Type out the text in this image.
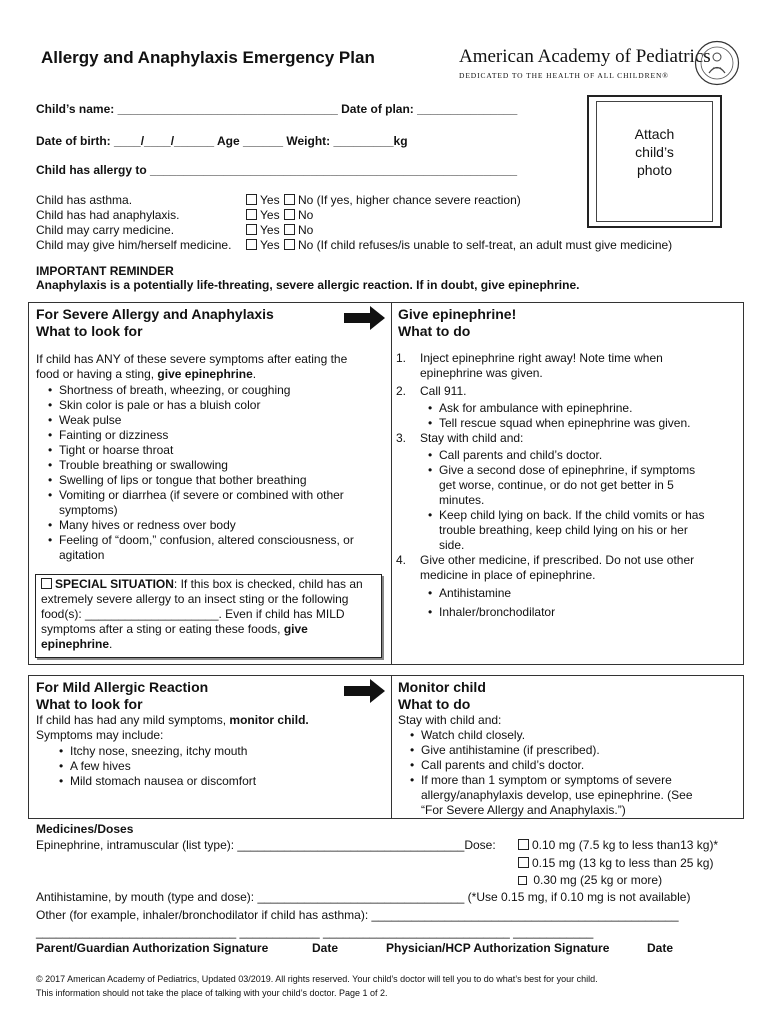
Allergy and Anaphylaxis Emergency Plan	American Academy of Pediatrics
DEDICATED TO THE HEALTH OF ALL CHILDREN®
Child’s name: _________________________________ Date of plan: _______________
Date of birth: ____/____/______ Age ______ Weight: _________kg
Child has allergy to _______________________________________________________
Attach
child’s
photo
Child has asthma.	Yes	No (If yes, higher chance severe reaction)
Child has had anaphylaxis.	Yes	No
Child may carry medicine.	Yes	No
Child may give him/herself medicine.	Yes	No (If child refuses/is unable to self-treat, an adult must give medicine)
IMPORTANT REMINDER
Anaphylaxis is a potentially life-threating, severe allergic reaction. If in doubt, give epinephrine.
For Severe Allergy and Anaphylaxis
What to look for
Give epinephrine!
What to do
If child has ANY of these severe symptoms after eating the
food or having a sting, give epinephrine.
• Shortness of breath, wheezing, or coughing
• Skin color is pale or has a bluish color
• Weak pulse
• Fainting or dizziness
• Tight or hoarse throat
• Trouble breathing or swallowing
• Swelling of lips or tongue that bother breathing
• Vomiting or diarrhea (if severe or combined with other symptoms)
• Many hives or redness over body
• Feeling of “doom,” confusion, altered consciousness, or agitation
SPECIAL SITUATION: If this box is checked, child has an extremely severe allergy to an insect sting or the following food(s): ____________________. Even if child has MILD symptoms after a sting or eating these foods, give epinephrine.
1. Inject epinephrine right away! Note time when epinephrine was given.
2. Call 911.
• Ask for ambulance with epinephrine.
• Tell rescue squad when epinephrine was given.
3. Stay with child and:
• Call parents and child’s doctor.
• Give a second dose of epinephrine, if symptoms get worse, continue, or do not get better in 5 minutes.
• Keep child lying on back. If the child vomits or has trouble breathing, keep child lying on his or her side.
4. Give other medicine, if prescribed. Do not use other medicine in place of epinephrine.
• Antihistamine
• Inhaler/bronchodilator
For Mild Allergic Reaction
What to look for
Monitor child
What to do
If child has had any mild symptoms, monitor child.
Symptoms may include:
• Itchy nose, sneezing, itchy mouth
• A few hives
• Mild stomach nausea or discomfort
Stay with child and:
• Watch child closely.
• Give antihistamine (if prescribed).
• Call parents and child’s doctor.
• If more than 1 symptom or symptoms of severe allergy/anaphylaxis develop, use epinephrine. (See “For Severe Allergy and Anaphylaxis.”)
Medicines/Doses
Epinephrine, intramuscular (list type): __________________________________Dose:	0.10 mg (7.5 kg to less than13 kg)*
0.15 mg (13 kg to less than 25 kg)
0.30 mg (25 kg or more)
Antihistamine, by mouth (type and dose): _______________________________ (*Use 0.15 mg, if 0.10 mg is not available)
Other (for example, inhaler/bronchodilator if child has asthma): ______________________________________________
______________________________ ____________ ____________________________ ____________
Parent/Guardian Authorization Signature	Date	Physician/HCP Authorization Signature	Date
© 2017 American Academy of Pediatrics, Updated 03/2019. All rights reserved. Your child’s doctor will tell you to do what’s best for your child.
This information should not take the place of talking with your child’s doctor. Page 1 of 2.
